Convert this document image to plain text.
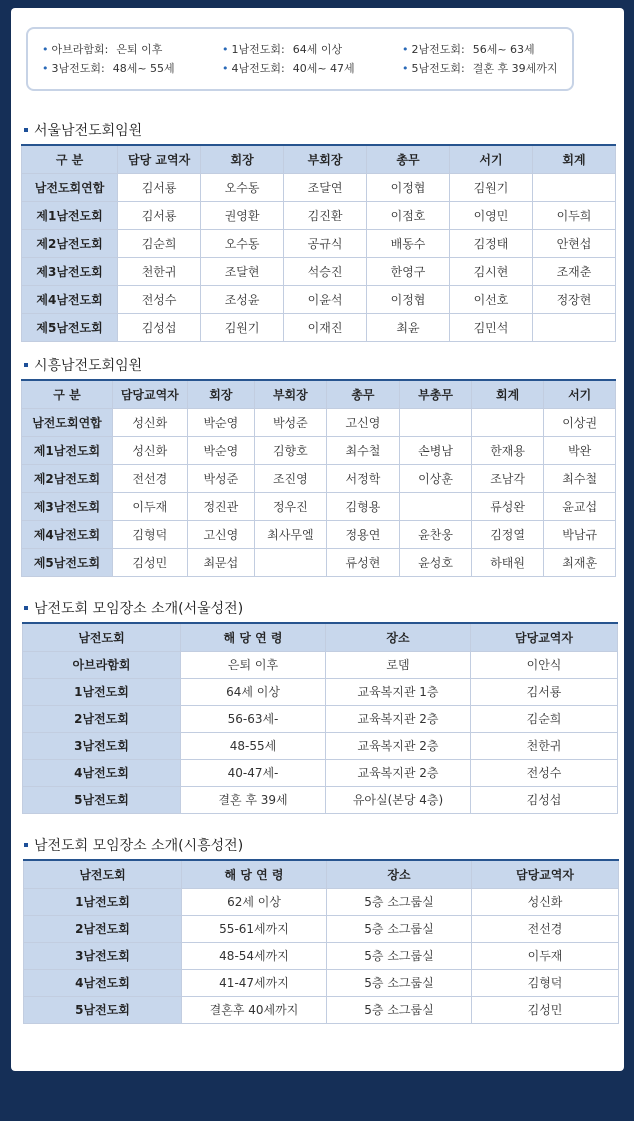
• 아브라함회: 은퇴 이후	• 1남전도회: 64세 이상	• 2남전도회: 56세~ 63세
• 3남전도회: 48세~ 55세	• 4남전도회: 40세~ 47세	• 5남전도회: 결혼 후 39세까지
서울남전도회임원
구 분	담당 교역자	회장	부회장	총무	서기	회계
남전도회연합	김서룡	오수동	조달연	이정협	김원기	
제1남전도회	김서룡	권영환	김진환	이점호	이영민	이두희
제2남전도회	김순희	오수동	공규식	배동수	김정태	안현섭
제3남전도회	천한귀	조달현	석승진	한영구	김시현	조재춘
제4남전도회	전성수	조성윤	이윤석	이정협	이선호	정장현
제5남전도회	김성섭	김원기	이재진	최윤	김민석	
시흥남전도회임원
구 분	담당교역자	회장	부회장	총무	부총무	회계	서기
남전도회연합	성신화	박순영	박성준	고신영			이상권
제1남전도회	성신화	박순영	김향호	최수철	손병남	한재용	박완
제2남전도회	전선경	박성준	조진영	서정학	이상훈	조남각	최수철
제3남전도회	이두재	정진관	정우진	김형용		류성완	윤교섭
제4남전도회	김형덕	고신영	최사무엘	정용연	윤찬웅	김정열	박남규
제5남전도회	김성민	최문섭		류성현	윤성호	하태원	최재훈
남전도회 모임장소 소개(서울성전)
남전도회	해 당 연 령	장소	담당교역자
아브라함회	은퇴 이후	로뎀	이안식
1남전도회	64세 이상	교육복지관 1층	김서룡
2남전도회	56-63세-	교육복지관 2층	김순희
3남전도회	48-55세	교육복지관 2층	천한귀
4남전도회	40-47세-	교육복지관 2층	전성수
5남전도회	결혼 후 39세	유아실(본당 4층)	김성섭
남전도회 모임장소 소개(시흥성전)
남전도회	해 당 연 령	장소	담당교역자
1남전도회	62세 이상	5층 소그룹실	성신화
2남전도회	55-61세까지	5층 소그룹실	전선경
3남전도회	48-54세까지	5층 소그룹실	이두재
4남전도회	41-47세까지	5층 소그룹실	김형덕
5남전도회	결혼후 40세까지	5층 소그룹실	김성민
